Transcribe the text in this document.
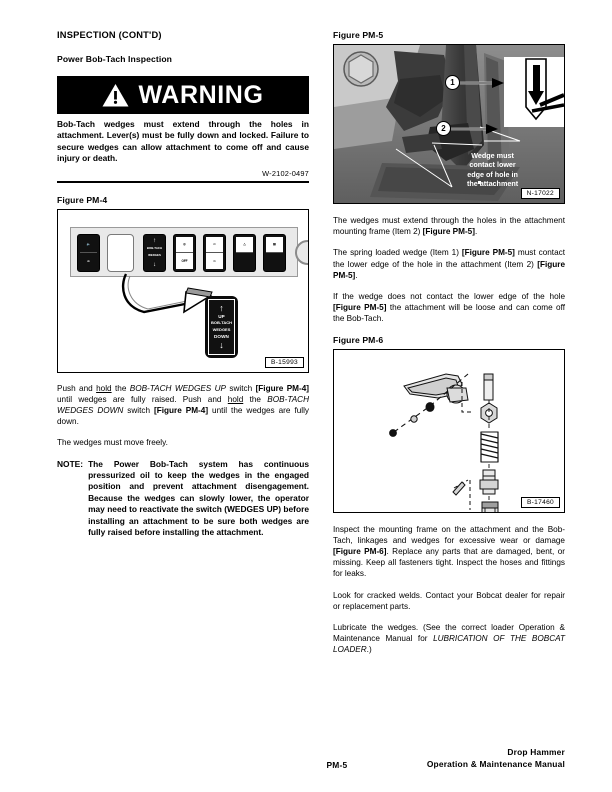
INSPECTION (CONT'D)
Power Bob-Tach Inspection
WARNING

Bob-Tach wedges must extend through the holes in attachment. Lever(s) must be fully down and locked. Failure to secure wedges can allow attachment to come off and cause injury or death.

W-2102-0497
Figure PM-4
🔈
➦
↑
BOB-TACH
WEDGES
↓
◎
OFF
⇦
⇨
△	▧
↑
UP
BOB-TACH
WEDGES
DOWN
↓
B-15993

Push and hold the BOB-TACH WEDGES UP switch [Figure PM-4] until wedges are fully raised. Push and hold the BOB-TACH WEDGES DOWN switch [Figure PM-4] until the wedges are fully down.

The wedges must move freely.

NOTE: The Power Bob-Tach system has continuous pressurized oil to keep the wedges in the engaged position and prevent attachment disengagement. Because the wedges can slowly lower, the operator may need to reactivate the switch (WEDGES UP) before installing an attachment to be sure both wedges are fully raised before installing the attachment.

Figure PM-5
1
2
Wedge must
contact lower
edge of hole in
the attachment
N-17022

The wedges must extend through the holes in the attachment mounting frame (Item 2) [Figure PM-5].

The spring loaded wedge (Item 1) [Figure PM-5] must contact the lower edge of the hole in the attachment (Item 2) [Figure PM-5].

If the wedge does not contact the lower edge of the hole [Figure PM-5] the attachment will be loose and can come off the Bob-Tach.

Figure PM-6
B-17460

Inspect the mounting frame on the attachment and the Bob-Tach, linkages and wedges for excessive wear or damage [Figure PM-6]. Replace any parts that are damaged, bent, or missing. Keep all fasteners tight. Inspect the hoses and fittings for leaks.

Look for cracked welds. Contact your Bobcat dealer for repair or replacement parts.

Lubricate the wedges. (See the correct loader Operation & Maintenance Manual for LUBRICATION OF THE BOBCAT LOADER.)

PM-5
Drop Hammer
Operation & Maintenance Manual
